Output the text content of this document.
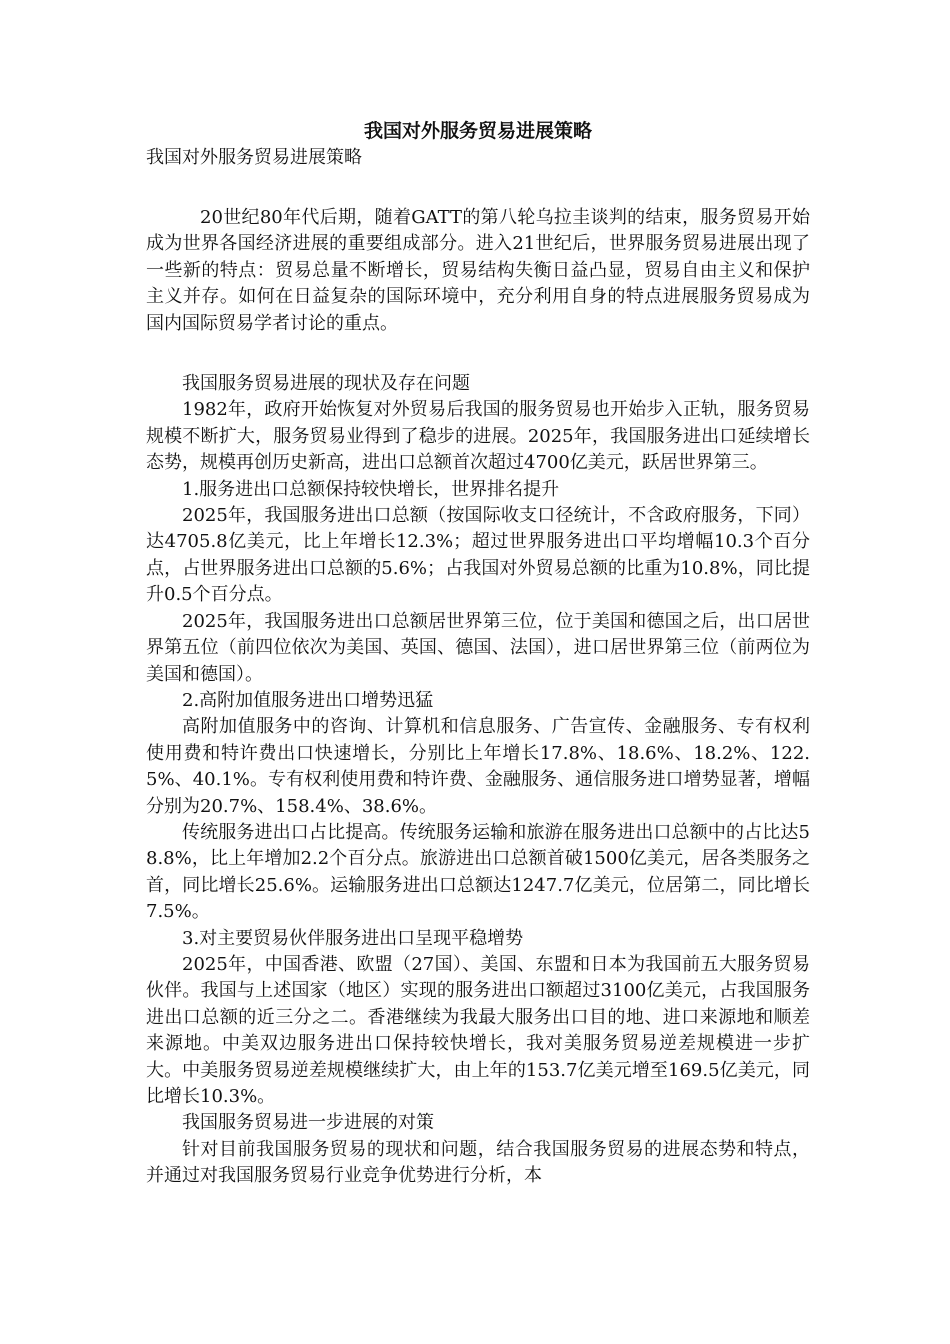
我国对外服务贸易进展策略

我国对外服务贸易进展策略

20世纪80年代后期，随着GATT的第八轮乌拉圭谈判的结束，服务贸易开始成为世界各国经济进展的重要组成部分。进入21世纪后，世界服务贸易进展出现了一些新的特点：贸易总量不断增长，贸易结构失衡日益凸显，贸易自由主义和保护主义并存。如何在日益复杂的国际环境中，充分利用自身的特点进展服务贸易成为国内国际贸易学者讨论的重点。

我国服务贸易进展的现状及存在问题

1982年，政府开始恢复对外贸易后我国的服务贸易也开始步入正轨，服务贸易规模不断扩大，服务贸易业得到了稳步的进展。2025年，我国服务进出口延续增长态势，规模再创历史新高，进出口总额首次超过4700亿美元，跃居世界第三。

1.服务进出口总额保持较快增长，世界排名提升

2025年，我国服务进出口总额（按国际收支口径统计，不含政府服务，下同）达4705.8亿美元，比上年增长12.3%；超过世界服务进出口平均增幅10.3个百分点，占世界服务进出口总额的5.6%；占我国对外贸易总额的比重为10.8%，同比提升0.5个百分点。

2025年，我国服务进出口总额居世界第三位，位于美国和德国之后，出口居世界第五位（前四位依次为美国、英国、德国、法国），进口居世界第三位（前两位为美国和德国）。

2.高附加值服务进出口增势迅猛

高附加值服务中的咨询、计算机和信息服务、广告宣传、金融服务、专有权利使用费和特许费出口快速增长，分别比上年增长17.8%、18.6%、18.2%、122.5%、40.1%。专有权利使用费和特许费、金融服务、通信服务进口增势显著，增幅分别为20.7%、158.4%、38.6%。

传统服务进出口占比提高。传统服务运输和旅游在服务进出口总额中的占比达58.8%，比上年增加2.2个百分点。旅游进出口总额首破1500亿美元，居各类服务之首，同比增长25.6%。运输服务进出口总额达1247.7亿美元，位居第二，同比增长7.5%。

3.对主要贸易伙伴服务进出口呈现平稳增势

2025年，中国香港、欧盟（27国）、美国、东盟和日本为我国前五大服务贸易伙伴。我国与上述国家（地区）实现的服务进出口额超过3100亿美元，占我国服务进出口总额的近三分之二。香港继续为我最大服务出口目的地、进口来源地和顺差来源地。中美双边服务进出口保持较快增长，我对美服务贸易逆差规模进一步扩大。中美服务贸易逆差规模继续扩大，由上年的153.7亿美元增至169.5亿美元，同比增长10.3%。

我国服务贸易进一步进展的对策

针对目前我国服务贸易的现状和问题，结合我国服务贸易的进展态势和特点，并通过对我国服务贸易行业竞争优势进行分析，本
